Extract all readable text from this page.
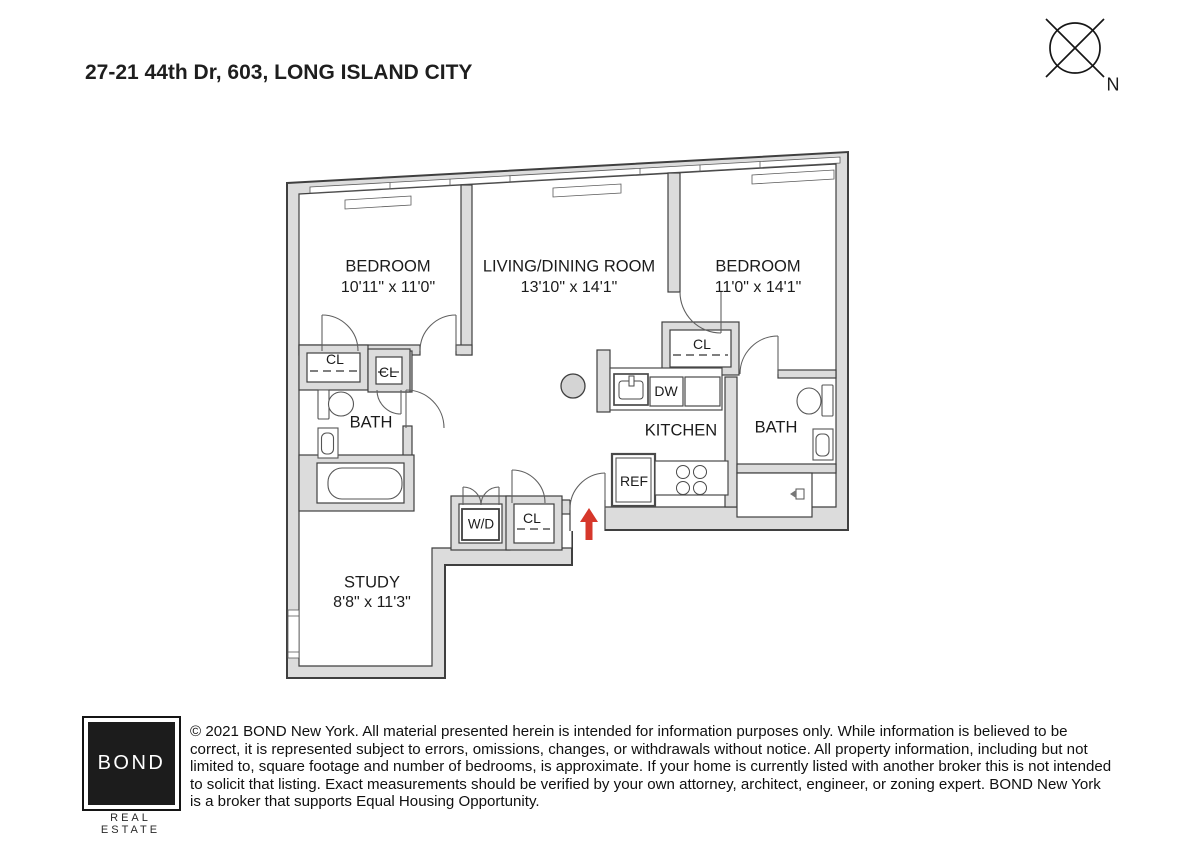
27-21 44th Dr, 603, LONG ISLAND CITY
N
BEDROOM
10'11" x 11'0"
LIVING/DINING ROOM
13'10" x 14'1"
BEDROOM
11'0" x 14'1"
STUDY
8'8" x 11'3"
KITCHEN
BATH	BATH
CL
CL
CL
CL
W/D
DW
REF
BOND
REAL ESTATE
© 2021 BOND New York. All material presented herein is intended for information purposes only. While information is believed to be
correct, it is represented subject to errors, omissions, changes, or withdrawals without notice. All property information, including but not
limited to, square footage and number of bedrooms, is approximate. If your home is currently listed with another broker this is not intended
to solicit that listing. Exact measurements should be verified by your own attorney, architect, engineer, or zoning expert. BOND New York
is a broker that supports Equal Housing Opportunity.
